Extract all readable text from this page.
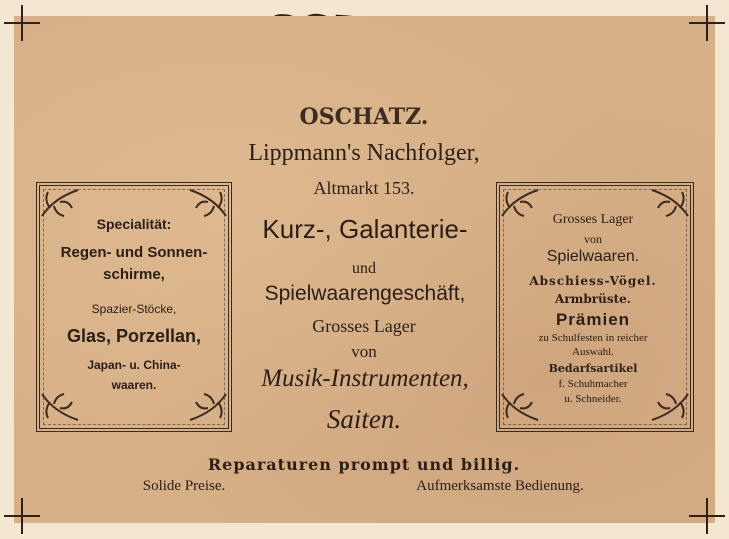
OSCHATZ.
Lippmann's Nachfolger,
Altmarkt 153.
Specialität:
Regen- und Sonnen-
schirme,
Spazier-Stöcke,
Glas, Porzellan,
Japan- u. China-
waaren.
Kurz-, Galanterie-
und
Spielwaarengeschäft,
Grosses Lager
von
Musik-Instrumenten,
Saiten.
Grosses Lager
von
Spielwaaren.
Abschiess-Vögel.
Armbrüste.
Prämien
zu Schulfesten in reicher
Auswahl.
Bedarfsartikel
f. Schuhmacher
u. Schneider.
Reparaturen prompt und billig.
Solide Preise.	Aufmerksamste Bedienung.
